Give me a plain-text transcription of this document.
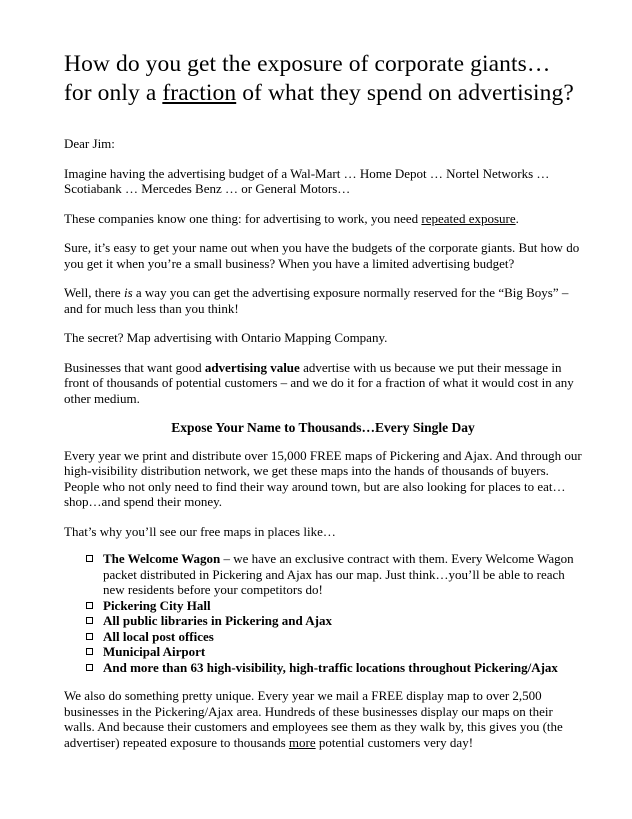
How do you get the exposure of corporate giants…
for only a fraction of what they spend on advertising?

Dear Jim:

Imagine having the advertising budget of a Wal-Mart … Home Depot … Nortel Networks … Scotiabank … Mercedes Benz … or General Motors…

These companies know one thing: for advertising to work, you need repeated exposure.

Sure, it’s easy to get your name out when you have the budgets of the corporate giants. But how do you get it when you’re a small business? When you have a limited advertising budget?

Well, there is a way you can get the advertising exposure normally reserved for the “Big Boys” – and for much less than you think!

The secret? Map advertising with Ontario Mapping Company.

Businesses that want good advertising value advertise with us because we put their message in front of thousands of potential customers – and we do it for a fraction of what it would cost in any other medium.

Expose Your Name to Thousands…Every Single Day

Every year we print and distribute over 15,000 FREE maps of Pickering and Ajax. And through our high-visibility distribution network, we get these maps into the hands of thousands of buyers. People who not only need to find their way around town, but are also looking for places to eat…shop…and spend their money.

That’s why you’ll see our free maps in places like…

The Welcome Wagon – we have an exclusive contract with them. Every Welcome Wagon packet distributed in Pickering and Ajax has our map. Just think…you’ll be able to reach new residents before your competitors do!
Pickering City Hall
All public libraries in Pickering and Ajax
All local post offices
Municipal Airport
And more than 63 high-visibility, high-traffic locations throughout Pickering/Ajax

We also do something pretty unique. Every year we mail a FREE display map to over 2,500 businesses in the Pickering/Ajax area. Hundreds of these businesses display our maps on their walls. And because their customers and employees see them as they walk by, this gives you (the advertiser) repeated exposure to thousands more potential customers very day!
